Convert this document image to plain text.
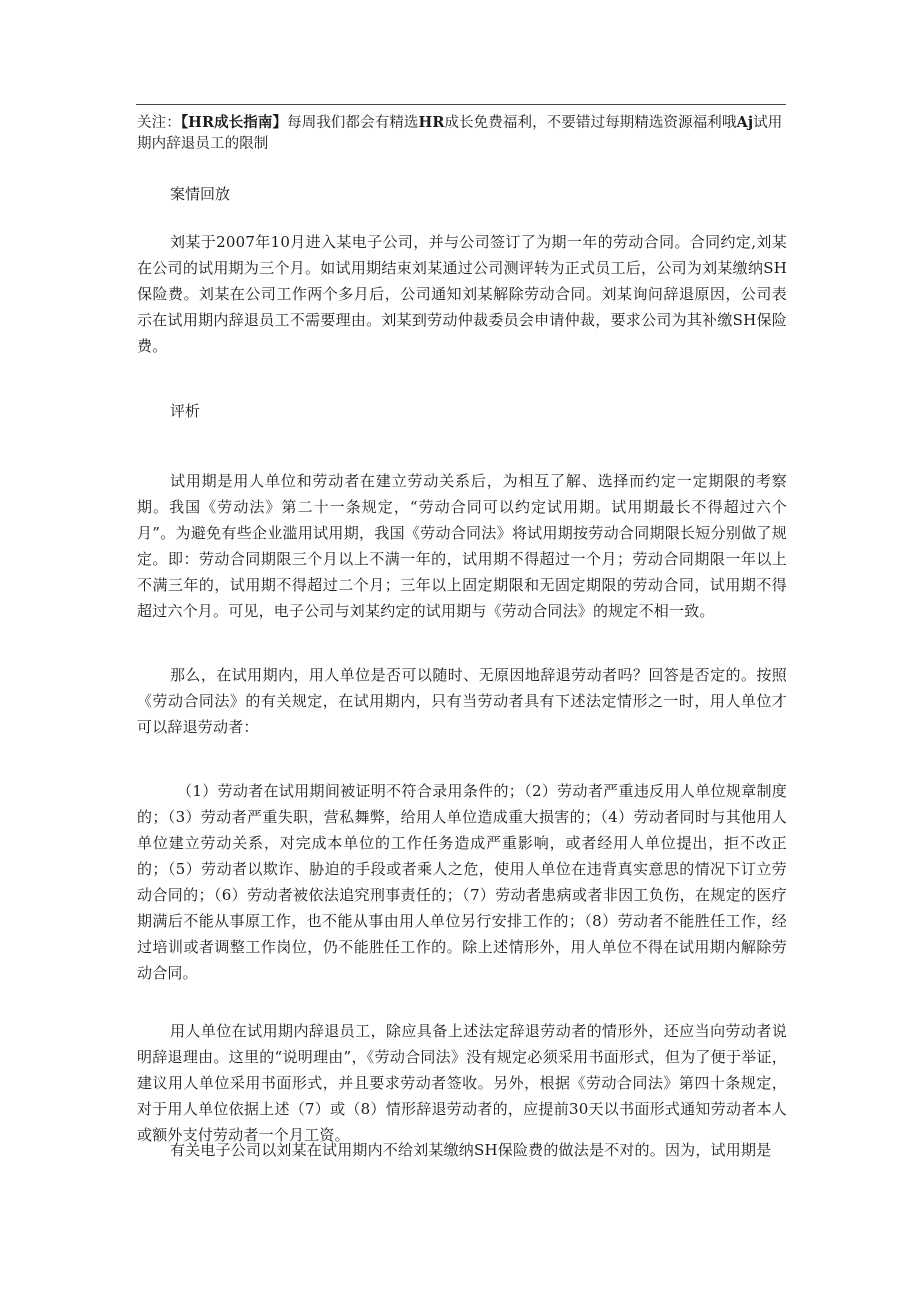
关注：【HR成长指南】每周我们都会有精选HR成长免费福利，不要错过每期精选资源福利哦Aj试用期内辞退员工的限制
案情回放
刘某于2007年10月进入某电子公司，并与公司签订了为期一年的劳动合同。合同约定,刘某在公司的试用期为三个月。如试用期结束刘某通过公司测评转为正式员工后，公司为刘某缴纳SH保险费。刘某在公司工作两个多月后，公司通知刘某解除劳动合同。刘某询问辞退原因，公司表示在试用期内辞退员工不需要理由。刘某到劳动仲裁委员会申请仲裁，要求公司为其补缴SH保险费。
评析
试用期是用人单位和劳动者在建立劳动关系后，为相互了解、选择而约定一定期限的考察期。我国《劳动法》第二十一条规定，“劳动合同可以约定试用期。试用期最长不得超过六个月”。为避免有些企业滥用试用期，我国《劳动合同法》将试用期按劳动合同期限长短分别做了规定。即：劳动合同期限三个月以上不满一年的，试用期不得超过一个月；劳动合同期限一年以上不满三年的，试用期不得超过二个月；三年以上固定期限和无固定期限的劳动合同，试用期不得超过六个月。可见，电子公司与刘某约定的试用期与《劳动合同法》的规定不相一致。
那么，在试用期内，用人单位是否可以随时、无原因地辞退劳动者吗？回答是否定的。按照《劳动合同法》的有关规定，在试用期内，只有当劳动者具有下述法定情形之一时，用人单位才可以辞退劳动者：
（1）劳动者在试用期间被证明不符合录用条件的；（2）劳动者严重违反用人单位规章制度的；（3）劳动者严重失职，营私舞弊，给用人单位造成重大损害的；（4）劳动者同时与其他用人单位建立劳动关系，对完成本单位的工作任务造成严重影响，或者经用人单位提出，拒不改正的；（5）劳动者以欺诈、胁迫的手段或者乘人之危，使用人单位在违背真实意思的情况下订立劳动合同的；（6）劳动者被依法追究刑事责任的；（7）劳动者患病或者非因工负伤，在规定的医疗期满后不能从事原工作，也不能从事由用人单位另行安排工作的；（8）劳动者不能胜任工作，经过培训或者调整工作岗位，仍不能胜任工作的。除上述情形外，用人单位不得在试用期内解除劳动合同。
用人单位在试用期内辞退员工，除应具备上述法定辞退劳动者的情形外，还应当向劳动者说明辞退理由。这里的“说明理由”，《劳动合同法》没有规定必须采用书面形式，但为了便于举证，建议用人单位采用书面形式，并且要求劳动者签收。另外，根据《劳动合同法》第四十条规定，对于用人单位依据上述（7）或（8）情形辞退劳动者的，应提前30天以书面形式通知劳动者本人或额外支付劳动者一个月工资。
有关电子公司以刘某在试用期内不给刘某缴纳SH保险费的做法是不对的。因为，试用期是
